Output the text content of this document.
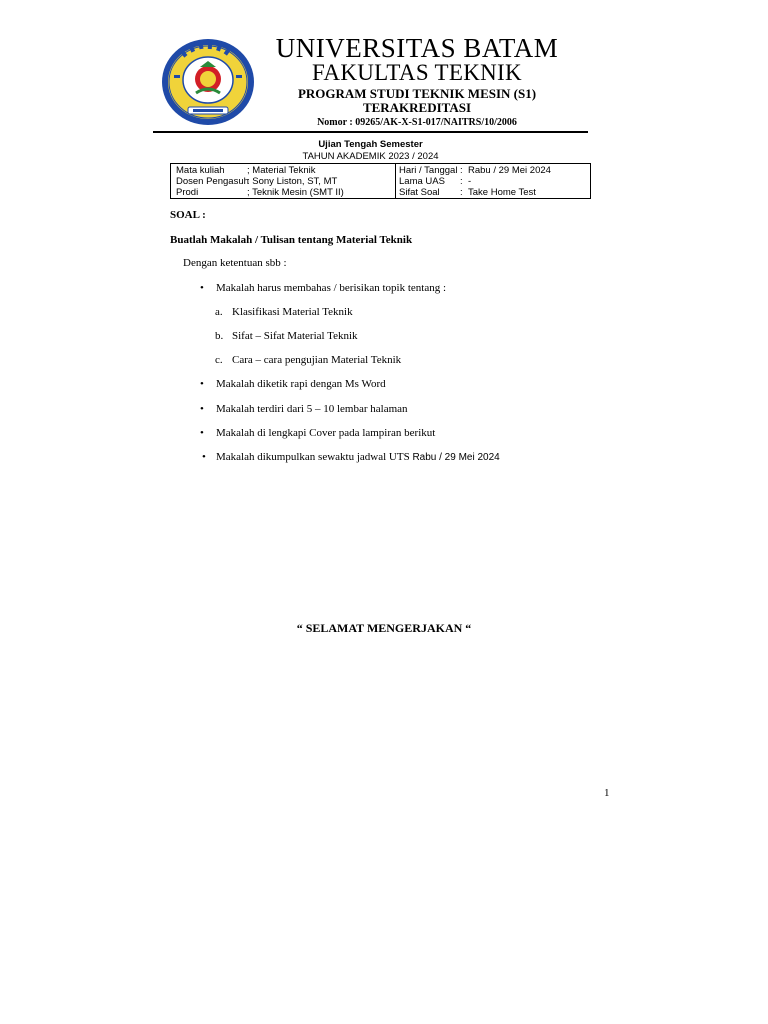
UNIVERSITAS BATAM
FAKULTAS TEKNIK
PROGRAM STUDI TEKNIK MESIN (S1)
TERAKREDITASI
Nomor : 09265/AK-X-S1-017/NAITRS/10/2006
Ujian Tengah Semester
TAHUN AKADEMIK 2023 / 2024
Mata kuliah ; Material Teknik
Dosen Pengasuh
: Sony Liston, ST, MT
Prodi	; Teknik Mesin (SMT II)
Hari / Tanggal : Rabu / 29 Mei 2024
Lama UAS : -
Sifat Soal : Take Home Test
SOAL :
Buatlah Makalah / Tulisan tentang Material Teknik
Dengan ketentuan sbb :
• Makalah harus membahas / berisikan topik tentang :
a. Klasifikasi Material Teknik
b. Sifat – Sifat Material Teknik
c. Cara – cara pengujian Material Teknik
• Makalah diketik rapi dengan Ms Word
• Makalah terdiri dari 5 – 10 lembar halaman
• Makalah di lengkapi Cover pada lampiran berikut
• Makalah dikumpulkan sewaktu jadwal UTS Rabu / 29 Mei 2024
“ SELAMAT MENGERJAKAN “
1
